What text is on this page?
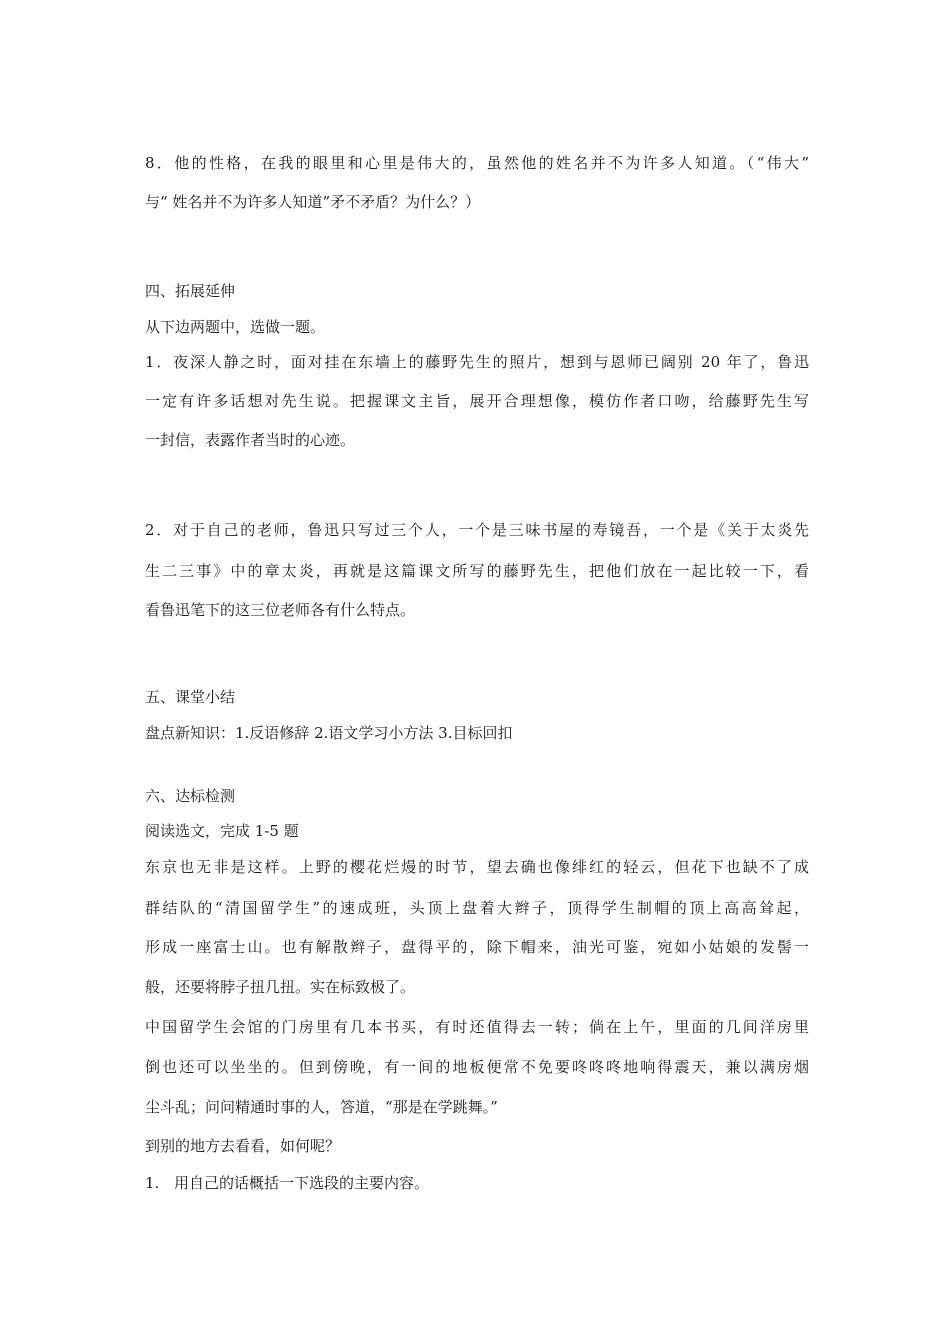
8．他的性格，在我的眼里和心里是伟大的，虽然他的姓名并不为许多人知道。（“伟大”

与“ 姓名并不为许多人知道”矛不矛盾？为什么？）

四、拓展延伸

从下边两题中，选做一题。

1．夜深人静之时，面对挂在东墙上的藤野先生的照片，想到与恩师已阔别 20 年了，鲁迅

一定有许多话想对先生说。把握课文主旨，展开合理想像，模仿作者口吻，给藤野先生写

一封信，表露作者当时的心迹。

2．对于自己的老师，鲁迅只写过三个人，一个是三味书屋的寿镜吾，一个是《关于太炎先

生二三事》中的章太炎，再就是这篇课文所写的藤野先生，把他们放在一起比较一下，看

看鲁迅笔下的这三位老师各有什么特点。

五、课堂小结

盘点新知识：1.反语修辞 2.语文学习小方法 3.目标回扣

六、达标检测

阅读选文，完成 1-5 题

东京也无非是这样。上野的樱花烂熳的时节，望去确也像绯红的轻云，但花下也缺不了成

群结队的“清国留学生”的速成班，头顶上盘着大辫子，顶得学生制帽的顶上高高耸起，

形成一座富士山。也有解散辫子，盘得平的，除下帽来，油光可鉴，宛如小姑娘的发髻一

般，还要将脖子扭几扭。实在标致极了。

中国留学生会馆的门房里有几本书买，有时还值得去一转；倘在上午，里面的几间洋房里

倒也还可以坐坐的。但到傍晚，有一间的地板便常不免要咚咚咚地响得震天，兼以满房烟

尘斗乱；问问精通时事的人，答道，“那是在学跳舞。”

到别的地方去看看，如何呢？

1. 用自己的话概括一下选段的主要内容。
